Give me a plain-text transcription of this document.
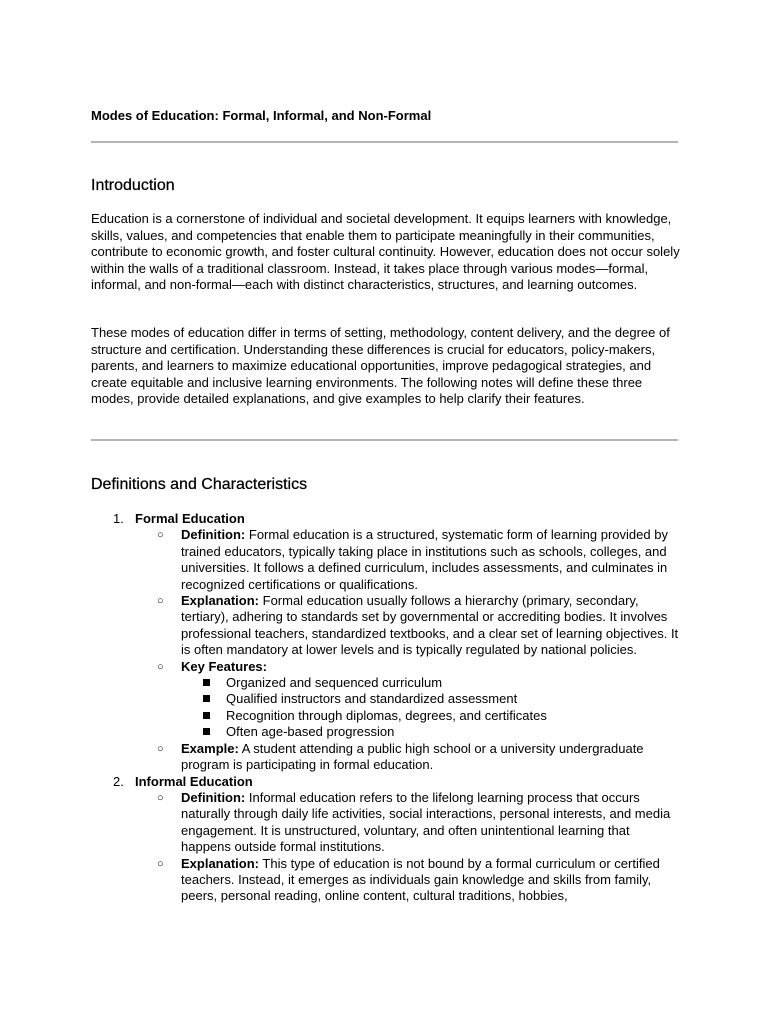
Modes of Education: Formal, Informal, and Non-Formal
Introduction

Education is a cornerstone of individual and societal development. It equips learners with knowledge, skills, values, and competencies that enable them to participate meaningfully in their communities, contribute to economic growth, and foster cultural continuity. However, education does not occur solely within the walls of a traditional classroom. Instead, it takes place through various modes—formal, informal, and non-formal—each with distinct characteristics, structures, and learning outcomes.

These modes of education differ in terms of setting, methodology, content delivery, and the degree of structure and certification. Understanding these differences is crucial for educators, policy-makers, parents, and learners to maximize educational opportunities, improve pedagogical strategies, and create equitable and inclusive learning environments. The following notes will define these three modes, provide detailed explanations, and give examples to help clarify their features.

Definitions and Characteristics
1. Formal Education
○ Definition: Formal education is a structured, systematic form of learning provided by trained educators, typically taking place in institutions such as schools, colleges, and universities. It follows a defined curriculum, includes assessments, and culminates in recognized certifications or qualifications.
○ Explanation: Formal education usually follows a hierarchy (primary, secondary, tertiary), adhering to standards set by governmental or accrediting bodies. It involves professional teachers, standardized textbooks, and a clear set of learning objectives. It is often mandatory at lower levels and is typically regulated by national policies.
○ Key Features:
Organized and sequenced curriculum
Qualified instructors and standardized assessment
Recognition through diplomas, degrees, and certificates
Often age-based progression
○ Example: A student attending a public high school or a university undergraduate program is participating in formal education.
2. Informal Education
○ Definition: Informal education refers to the lifelong learning process that occurs naturally through daily life activities, social interactions, personal interests, and media engagement. It is unstructured, voluntary, and often unintentional learning that happens outside formal institutions.
○ Explanation: This type of education is not bound by a formal curriculum or certified teachers. Instead, it emerges as individuals gain knowledge and skills from family, peers, personal reading, online content, cultural traditions, hobbies,
